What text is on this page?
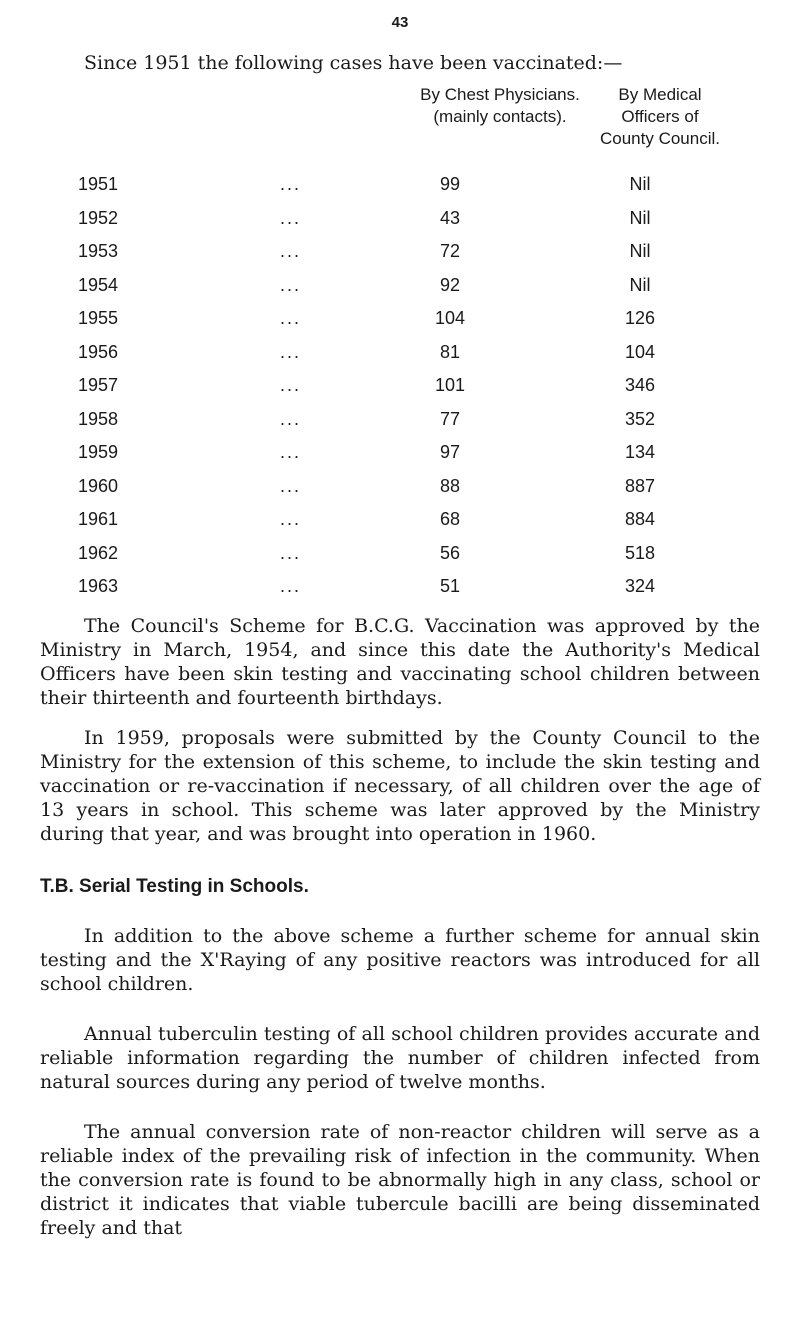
43
Since 1951 the following cases have been vaccinated:—
By Chest Physicians.
(mainly contacts).
By Medical
Officers of
County Council.
1951	...	99	Nil
1952	...	43	Nil
1953	...	72	Nil
1954	...	92	Nil
1955	...	104	126
1956	...	81	104
1957	...	101	346
1958	...	77	352
1959	...	97	134
1960	...	88	887
1961	...	68	884
1962	...	56	518
1963	...	51	324

The Council's Scheme for B.C.G. Vaccination was approved by the Ministry in March, 1954, and since this date the Authority's Medical Officers have been skin testing and vaccinating school children between their thirteenth and fourteenth birthdays.

In 1959, proposals were submitted by the County Council to the Ministry for the extension of this scheme, to include the skin testing and vaccination or re-vaccination if necessary, of all children over the age of 13 years in school. This scheme was later approved by the Ministry during that year, and was brought into operation in 1960.

T.B. Serial Testing in Schools.

In addition to the above scheme a further scheme for annual skin testing and the X'Raying of any positive reactors was introduced for all school children.

Annual tuberculin testing of all school children provides accurate and reliable information regarding the number of children infected from natural sources during any period of twelve months.

The annual conversion rate of non-reactor children will serve as a reliable index of the prevailing risk of infection in the community. When the conversion rate is found to be abnormally high in any class, school or district it indicates that viable tubercule bacilli are being disseminated freely and that
